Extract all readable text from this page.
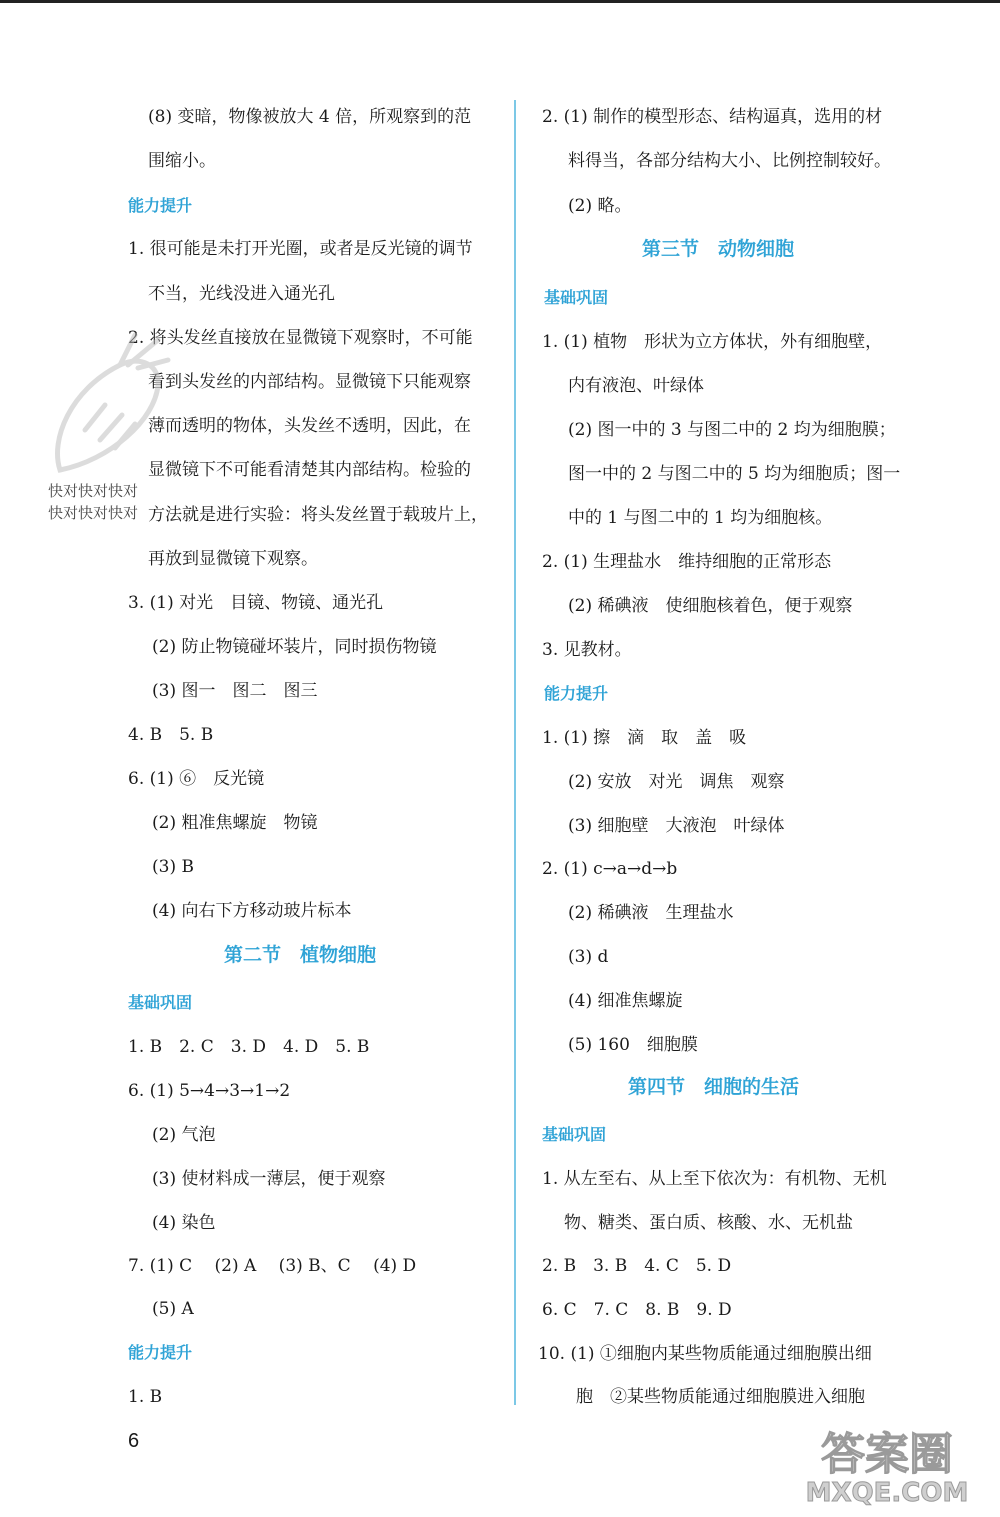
(8) 变暗，物像被放大 4 倍，所观察到的范
围缩小。
能力提升
1. 很可能是未打开光圈，或者是反光镜的调节
不当，光线没进入通光孔
2. 将头发丝直接放在显微镜下观察时，不可能
看到头发丝的内部结构。显微镜下只能观察
薄而透明的物体，头发丝不透明，因此，在
显微镜下不可能看清楚其内部结构。检验的
方法就是进行实验：将头发丝置于载玻片上，
再放到显微镜下观察。
3. (1) 对光　目镜、物镜、通光孔
(2) 防止物镜碰坏装片，同时损伤物镜
(3) 图一　图二　图三
4. B　5. B
6. (1) ⑥　反光镜
(2) 粗准焦螺旋　物镜
(3) B
(4) 向右下方移动玻片标本
第二节　植物细胞
基础巩固
1. B　2. C　3. D　4. D　5. B
6. (1) 5→4→3→1→2
(2) 气泡
(3) 使材料成一薄层，便于观察
(4) 染色
7. (1) C　 (2) A　 (3) B、C　 (4) D
(5) A
能力提升
1. B
2. (1) 制作的模型形态、结构逼真，选用的材
料得当，各部分结构大小、比例控制较好。
(2) 略。
第三节　动物细胞
基础巩固
1. (1) 植物　形状为立方体状，外有细胞壁，
内有液泡、叶绿体
(2) 图一中的 3 与图二中的 2 均为细胞膜；
图一中的 2 与图二中的 5 均为细胞质；图一
中的 1 与图二中的 1 均为细胞核。
2. (1) 生理盐水　维持细胞的正常形态
(2) 稀碘液　使细胞核着色，便于观察
3. 见教材。
能力提升
1. (1) 擦　滴　取　盖　吸
(2) 安放　对光　调焦　观察
(3) 细胞壁　大液泡　叶绿体
2. (1) c→a→d→b
(2) 稀碘液　生理盐水
(3) d
(4) 细准焦螺旋
(5) 160　细胞膜
第四节　细胞的生活
基础巩固
1. 从左至右、从上至下依次为：有机物、无机
物、糖类、蛋白质、核酸、水、无机盐
2. B　3. B　4. C　5. D
6. C　7. C　8. B　9. D
10. (1) ①细胞内某些物质能通过细胞膜出细
胞　②某些物质能通过细胞膜进入细胞
快对快对快对
快对快对快对
6	答案圈
MXQE.COM
